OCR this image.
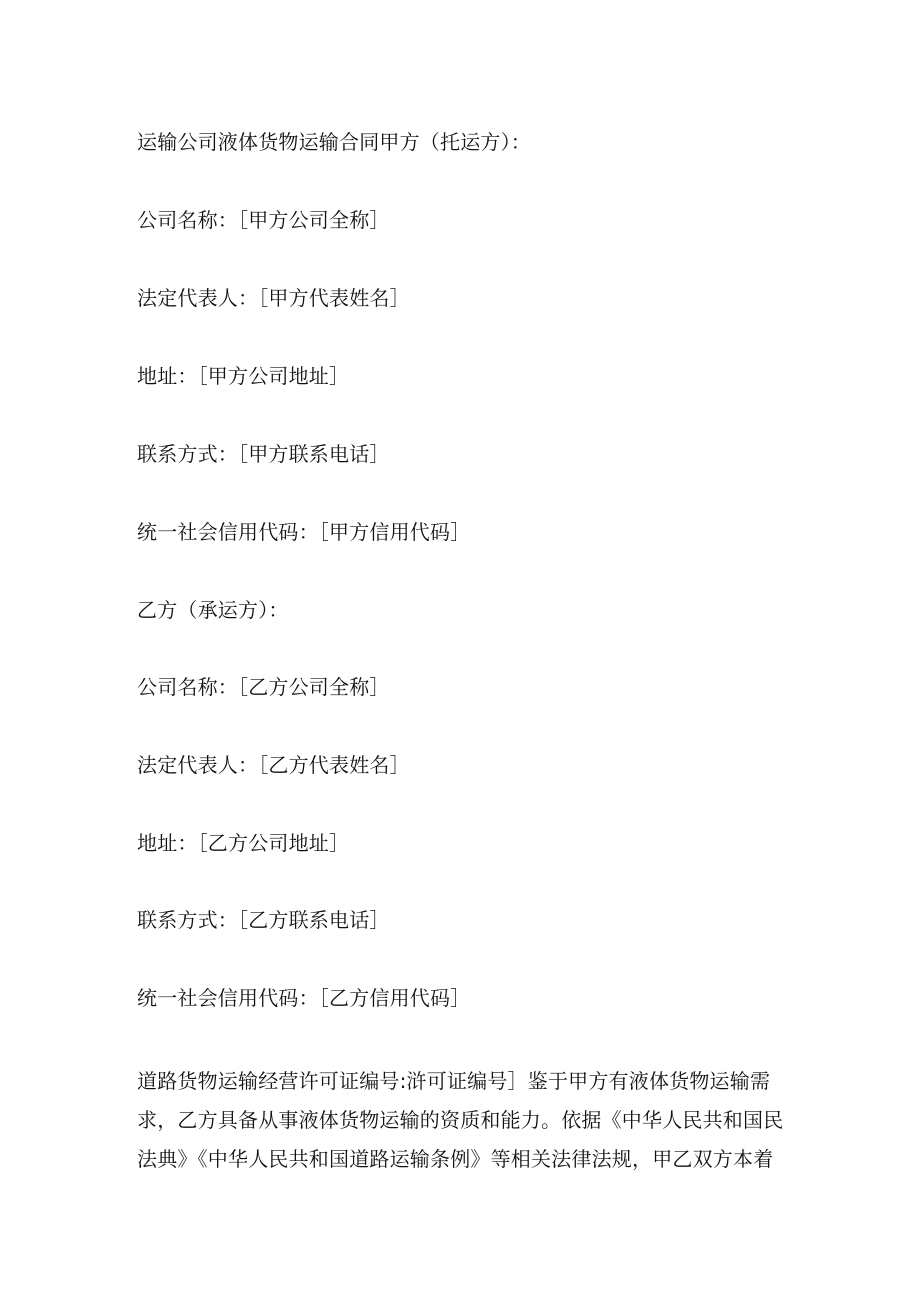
运输公司液体货物运输合同甲方（托运方）：
公司名称：［甲方公司全称］
法定代表人：［甲方代表姓名］
地址：［甲方公司地址］
联系方式：［甲方联系电话］
统一社会信用代码：［甲方信用代码］
乙方（承运方）：
公司名称：［乙方公司全称］
法定代表人：［乙方代表姓名］
地址：［乙方公司地址］
联系方式：［乙方联系电话］
统一社会信用代码：［乙方信用代码］
道路货物运输经营许可证编号:浒可证编号］鉴于甲方有液体货物运输需
求，乙方具备从事液体货物运输的资质和能力。依据《中华人民共和国民
法典》《中华人民共和国道路运输条例》等相关法律法规，甲乙双方本着
